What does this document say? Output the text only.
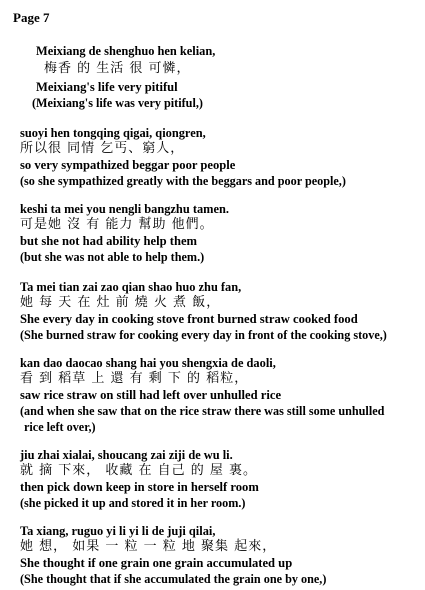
Page 7
Meixiang de shenghuo hen kelian,
梅香 的 生活 很 可憐，
Meixiang's life very pitiful
(Meixiang's life was very pitiful,)
suoyi hen tongqing qigai, qiongren,
所以很 同情 乞丐、窮人，
so very sympathized beggar poor people
(so she sympathized greatly with the beggars and poor people,)
keshi ta mei you nengli bangzhu tamen.
可是她 沒 有 能力 幫助 他們。
but she not had ability help them
(but she was not able to help them.)
Ta mei tian zai zao qian shao huo zhu fan,
她 每 天 在 灶 前 燒 火 煮 飯，
She every day in cooking stove front burned straw cooked food
(She burned straw for cooking every day in front of the cooking stove,)
kan dao daocao shang hai you shengxia de daoli,
看 到 稻草 上 還 有 剩 下 的 稻粒，
saw rice straw on still had left over unhulled rice
(and when she saw that on the rice straw there was still some unhulled
rice left over,)
jiu zhai xialai, shoucang zai ziji de wu li.
就 摘 下來， 收藏 在 自己 的 屋 裏。
then pick down keep in store in herself room
(she picked it up and stored it in her room.)
Ta xiang, ruguo yi li yi li de juji qilai,
她 想， 如果 一 粒 一 粒 地 聚集 起來，
She thought if one grain one grain accumulated up
(She thought that if she accumulated the grain one by one,)
